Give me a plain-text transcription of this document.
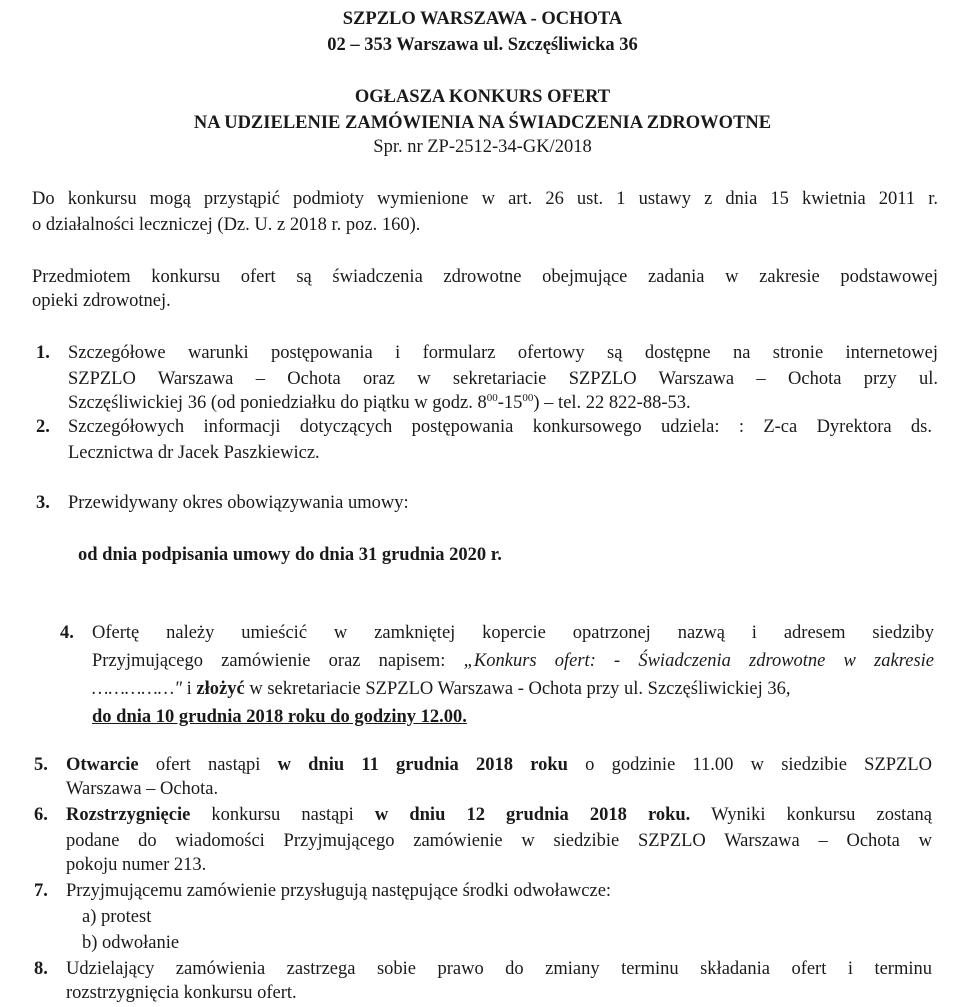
SZPZLO WARSZAWA - OCHOTA
02 – 353 Warszawa ul. Szczęśliwicka 36
OGŁASZA KONKURS OFERT
NA UDZIELENIE ZAMÓWIENIA NA ŚWIADCZENIA ZDROWOTNE
Spr. nr ZP-2512-34-GK/2018
Do konkursu mogą przystąpić podmioty wymienione w art. 26 ust. 1 ustawy z dnia 15 kwietnia 2011 r.
o działalności leczniczej (Dz. U. z 2018 r. poz. 160).
Przedmiotem konkursu ofert są świadczenia zdrowotne obejmujące zadania w zakresie podstawowej
opieki zdrowotnej.
1. Szczegółowe warunki postępowania i formularz ofertowy są dostępne na stronie internetowej
SZPZLO Warszawa – Ochota oraz w sekretariacie SZPZLO Warszawa – Ochota przy ul.
Szczęśliwickiej 36 (od poniedziałku do piątku w godz. $8^{00}-15^{00}$) – tel. 22 822-88-53.
2. Szczegółowych informacji dotyczących postępowania konkursowego udziela: : Z-ca Dyrektora ds.
Lecznictwa dr Jacek Paszkiewicz.
3. Przewidywany okres obowiązywania umowy:
od dnia podpisania umowy do dnia 31 grudnia 2020 r.
4. Ofertę należy umieścić w zamkniętej kopercie opatrzonej nazwą i adresem siedziby
Przyjmującego zamówienie oraz napisem: „Konkurs ofert: - Świadczenia zdrowotne w zakresie
……………" i złożyć w sekretariacie SZPZLO Warszawa - Ochota przy ul. Szczęśliwickiej 36,
do dnia 10 grudnia 2018 roku do godziny 12.00.
5. Otwarcie ofert nastąpi w dniu 11 grudnia 2018 roku o godzinie 11.00 w siedzibie SZPZLO
Warszawa – Ochota.
6. Rozstrzygnięcie konkursu nastąpi w dniu 12 grudnia 2018 roku. Wyniki konkursu zostaną
podane do wiadomości Przyjmującego zamówienie w siedzibie SZPZLO Warszawa – Ochota w
pokoju numer 213.
7. Przyjmującemu zamówienie przysługują następujące środki odwoławcze:
a) protest
b) odwołanie
8. Udzielający zamówienia zastrzega sobie prawo do zmiany terminu składania ofert i terminu
rozstrzygnięcia konkursu ofert.
